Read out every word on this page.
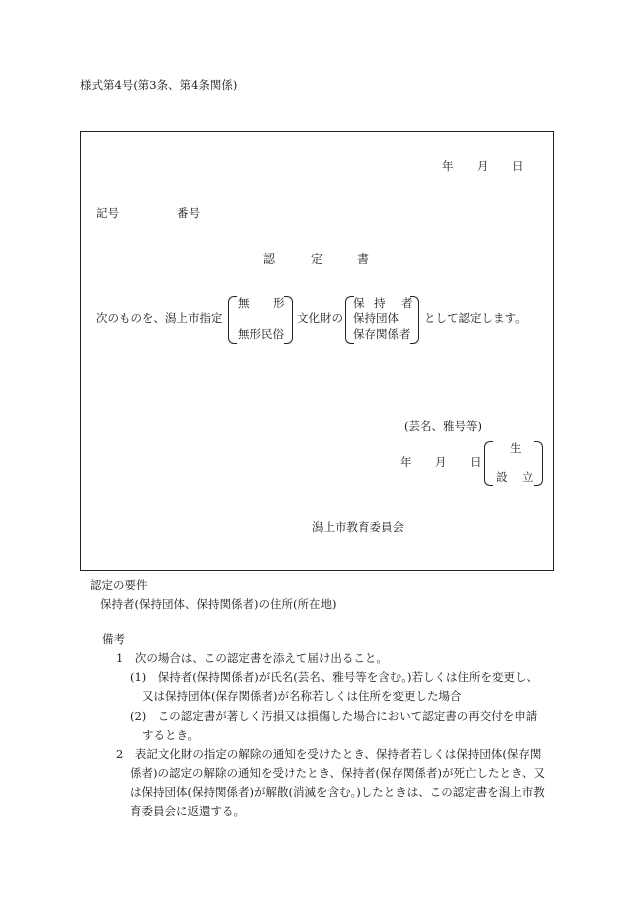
様式第4号(第3条、第4条関係)
年 月 日
記号	番号
認	定	書
次のものを、潟上市指定
無 形
無形民俗
文化財の
保 持 者
保持団体
保存関係者
として認定します。
(芸名、雅号等)
年 月 日
生
設 立
潟上市教育委員会
認定の要件
保持者(保持団体、保持関係者)の住所(所在地)
備考
1　次の場合は、この認定書を添えて届け出ること。
(1)　保持者(保持関係者)が氏名(芸名、雅号等を含む。)若しくは住所を変更し、
又は保持団体(保存関係者)が名称若しくは住所を変更した場合
(2)　この認定書が著しく汚損又は損傷した場合において認定書の再交付を申請
するとき。
2　表記文化財の指定の解除の通知を受けたとき、保持者若しくは保持団体(保存関
係者)の認定の解除の通知を受けたとき、保持者(保存関係者)が死亡したとき、又
は保持団体(保持関係者)が解散(消滅を含む。)したときは、この認定書を潟上市教
育委員会に返還する。
